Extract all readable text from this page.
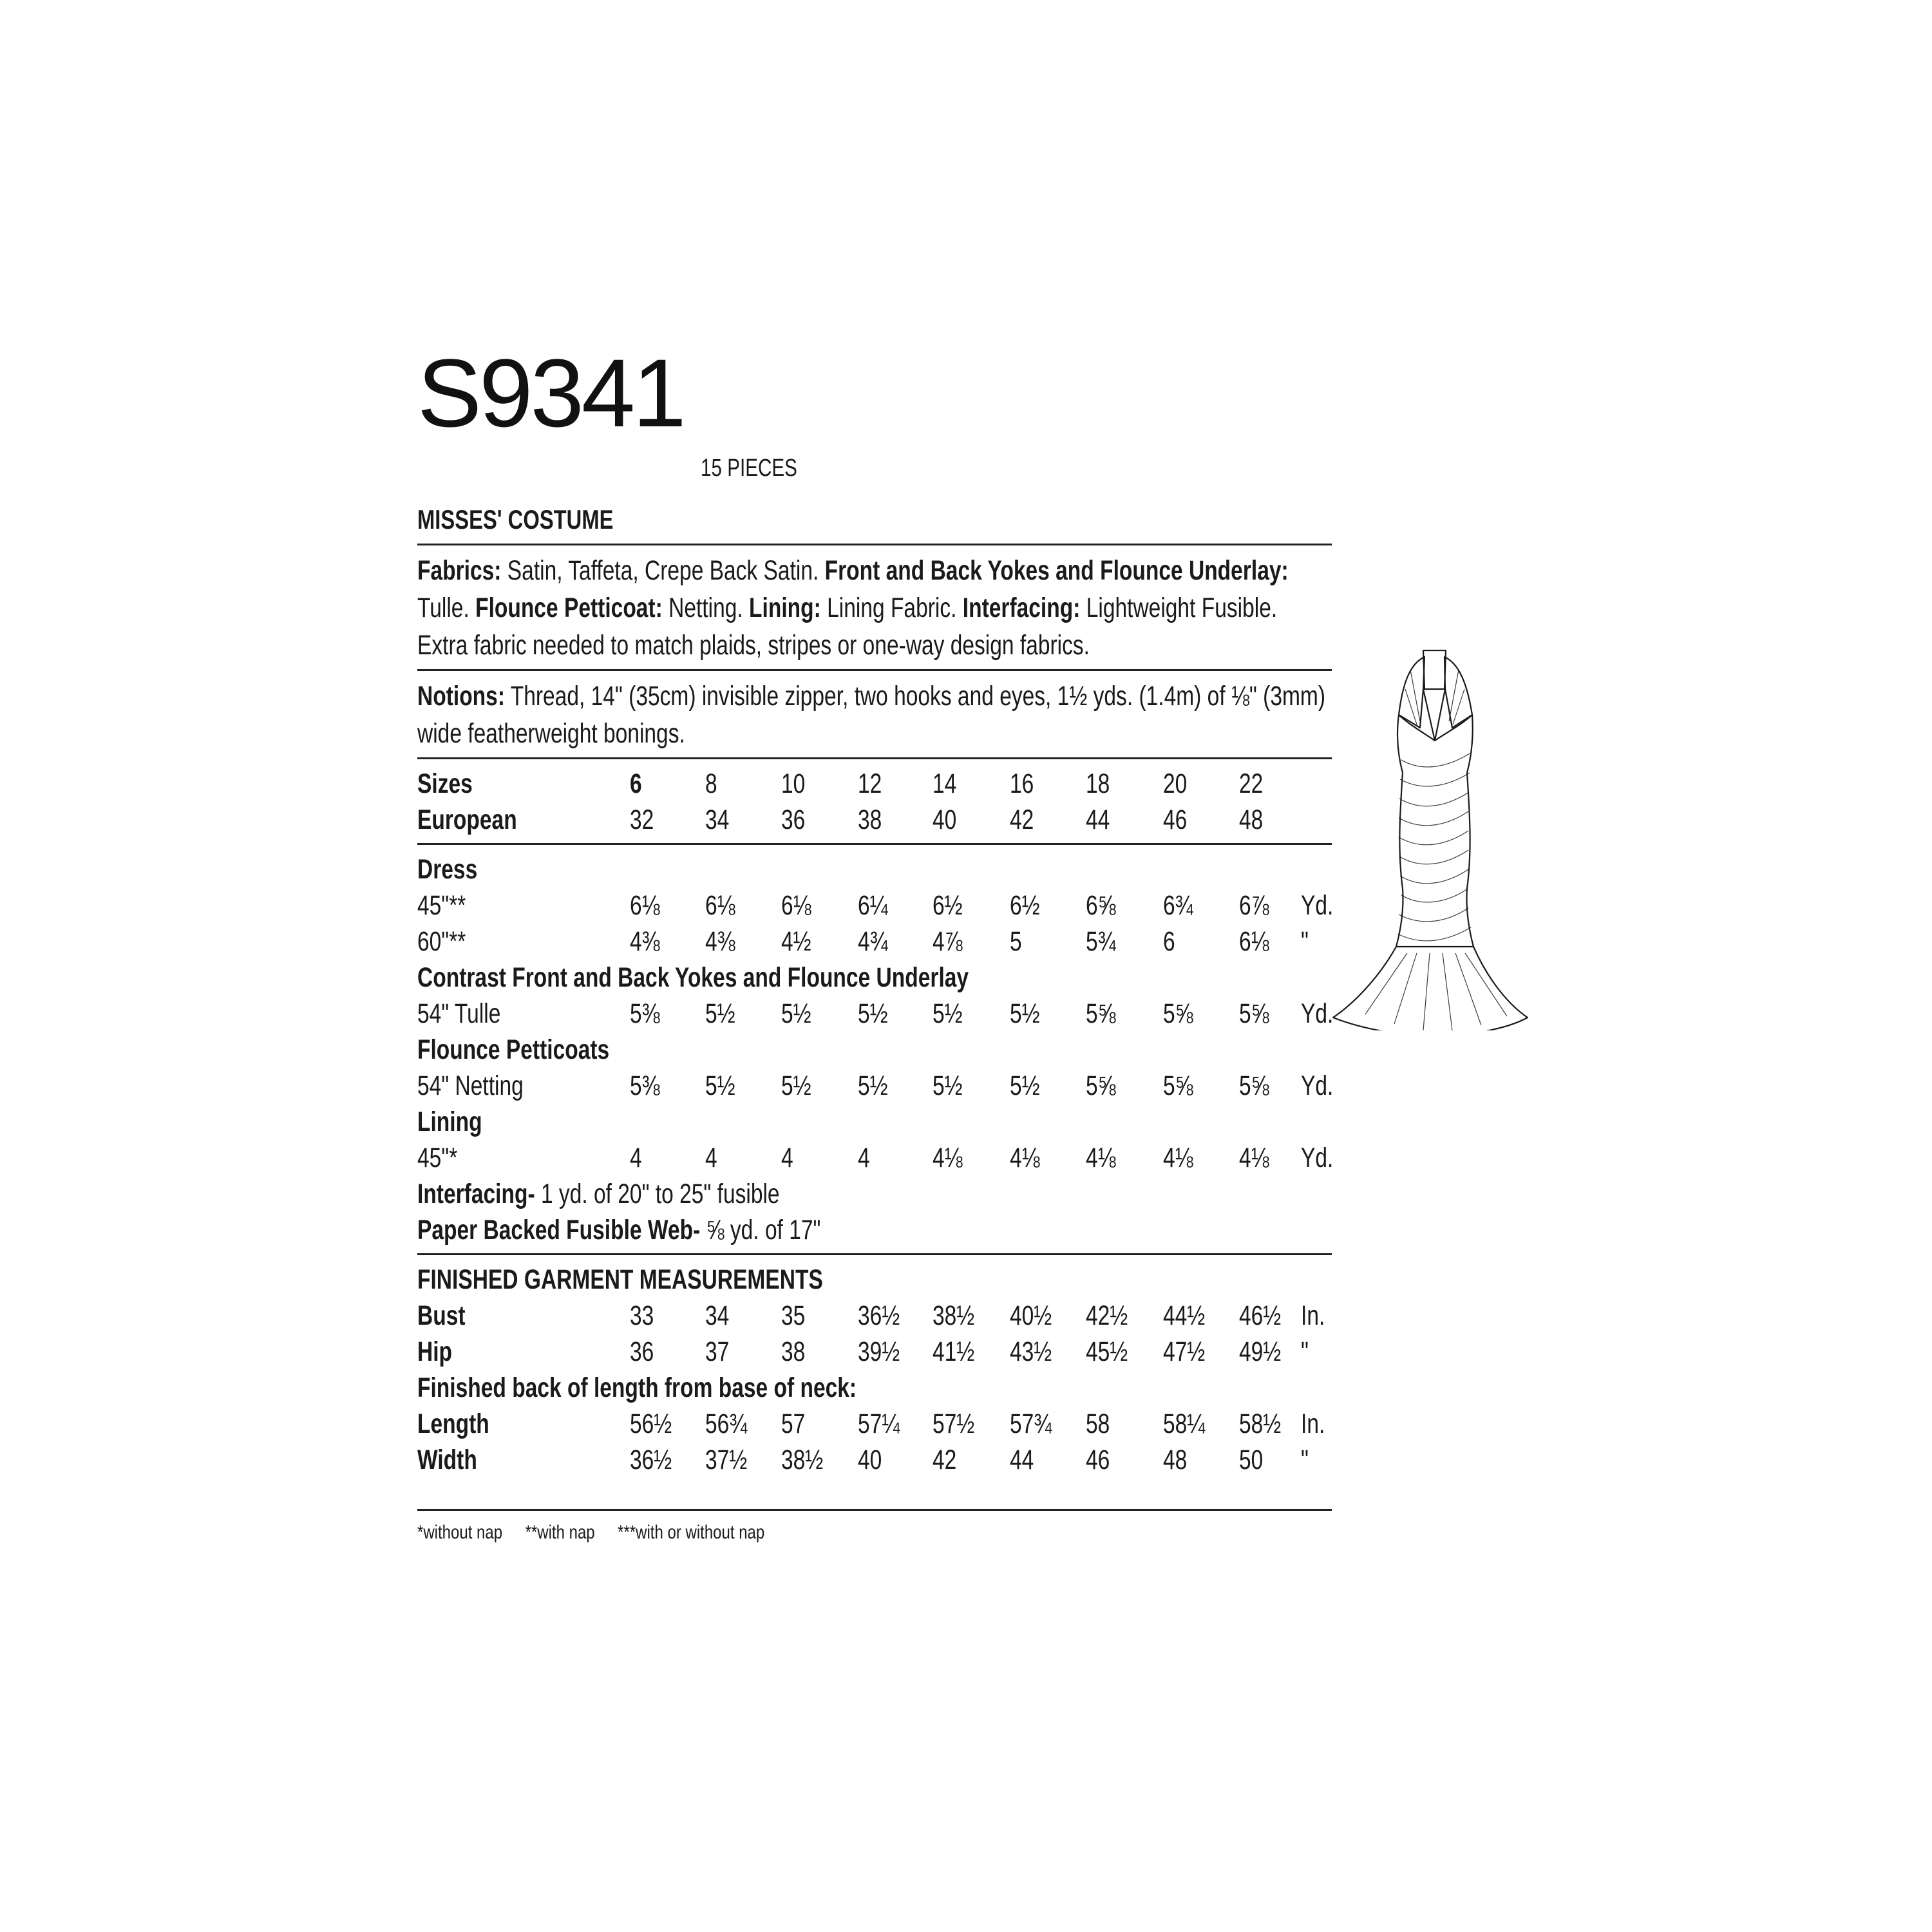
S9341
15 PIECES
MISSES' COSTUME
Fabrics: Satin, Taffeta, Crepe Back Satin. Front and Back Yokes and Flounce Underlay: Tulle. Flounce Petticoat: Netting. Lining: Lining Fabric. Interfacing: Lightweight Fusible. Extra fabric needed to match plaids, stripes or one-way design fabrics.
Notions: Thread, 14" (35cm) invisible zipper, two hooks and eyes, 1½ yds. (1.4m) of ⅛" (3mm) wide featherweight bonings.
Sizes	6 8 10 12 14 16 18 20 22
European	32 34 36 38 40 42 44 46 48
Dress
45"**	6⅛ 6⅛ 6⅛ 6¼ 6½ 6½ 6⅝ 6¾ 6⅞ Yd.
60"**	4⅜ 4⅜ 4½ 4¾ 4⅞ 5 5¾ 6 6⅛ "
Contrast Front and Back Yokes and Flounce Underlay
54" Tulle	5⅜ 5½ 5½ 5½ 5½ 5½ 5⅝ 5⅝ 5⅝ Yd.
Flounce Petticoats
54" Netting	5⅜ 5½ 5½ 5½ 5½ 5½ 5⅝ 5⅝ 5⅝ Yd.
Lining
45"*	4 4 4 4 4⅛ 4⅛ 4⅛ 4⅛ 4⅛ Yd.
Interfacing- 1 yd. of 20" to 25" fusible
Paper Backed Fusible Web- ⅝ yd. of 17"
FINISHED GARMENT MEASUREMENTS
Bust	33 34 35 36½ 38½ 40½ 42½ 44½ 46½ In.
Hip	36 37 38 39½ 41½ 43½ 45½ 47½ 49½ "
Finished back of length from base of neck:
Length	56½ 56¾ 57 57¼ 57½ 57¾ 58 58¼ 58½ In.
Width	36½ 37½ 38½ 40 42 44 46 48 50 "
*without nap **with nap ***with or without nap
